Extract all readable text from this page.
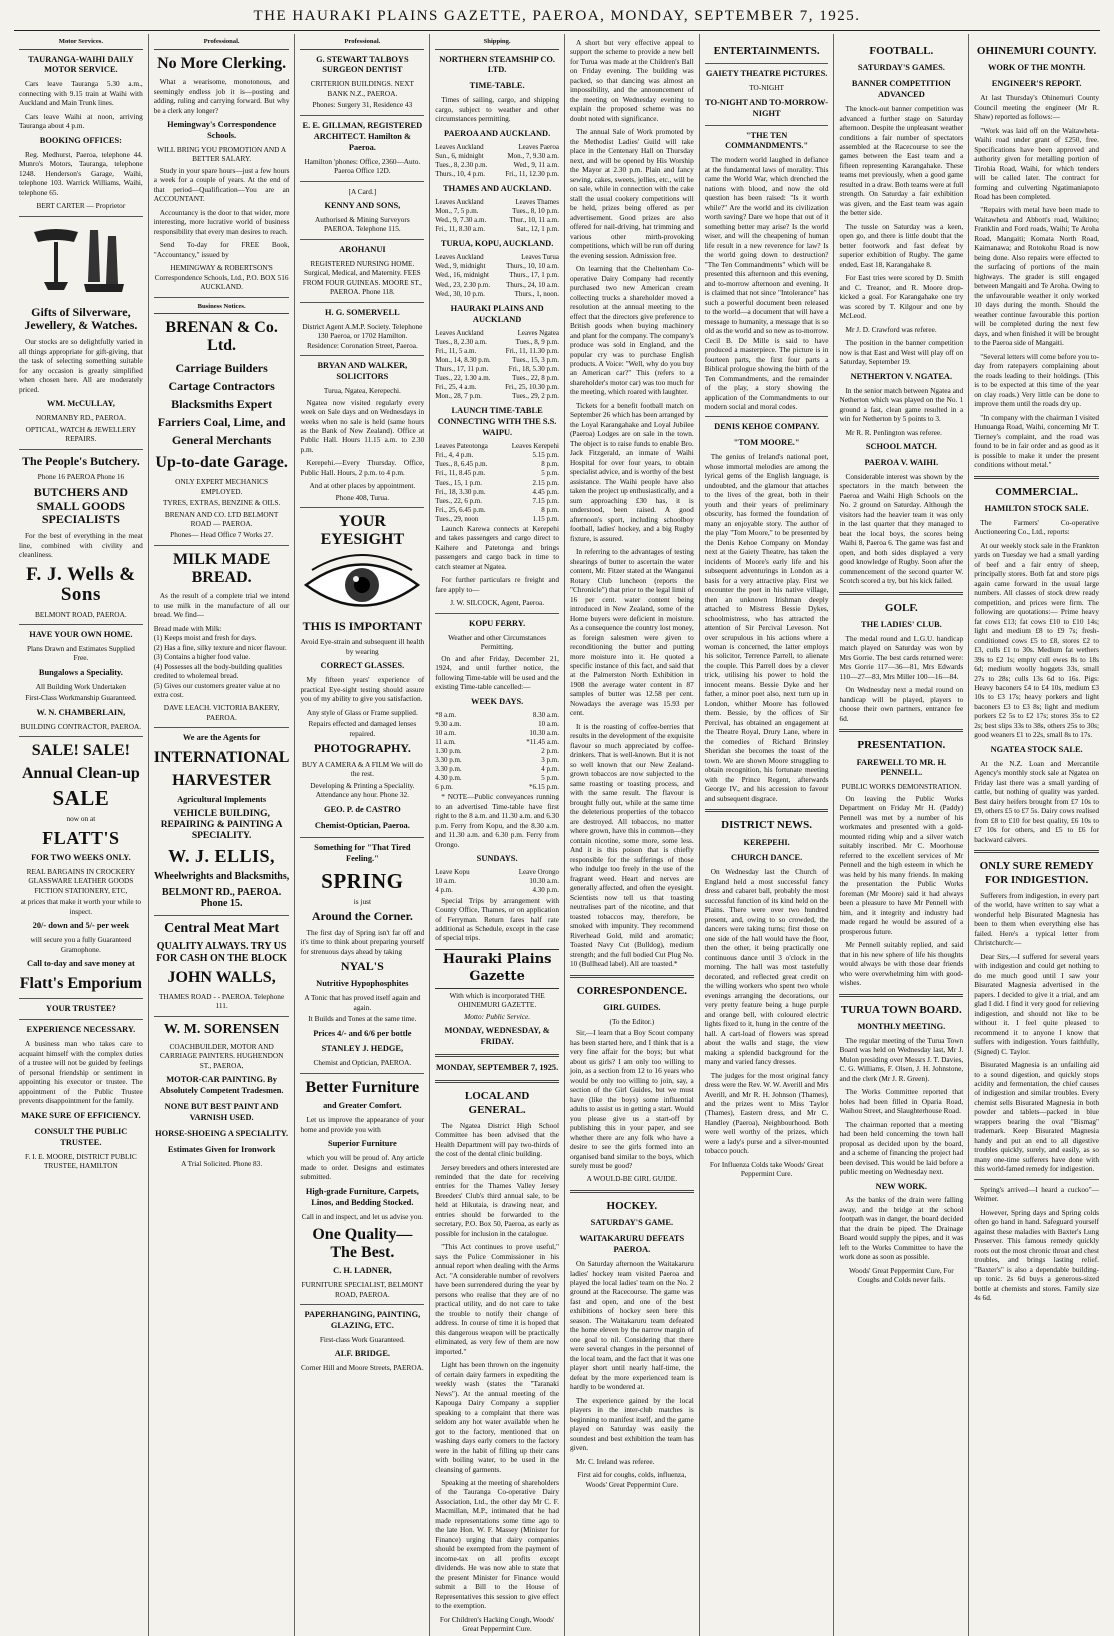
THE HAURAKI PLAINS GAZETTE, PAEROA, MONDAY, SEPTEMBER 7, 1925.
Motor Services.
TAURANGA-WAIHI DAILY MOTOR SERVICE.

Cars leave Tauranga 5.30 a.m., connecting with 9.15 train at Waihi with Auckland and Main Trunk lines.

Cars leave Waihi at noon, arriving Tauranga about 4 p.m.

BOOKING OFFICES:

Reg. Medhurst, Paeroa, telephone 44. Munro's Motors, Tauranga, telephone 1248. Henderson's Garage, Waihi, telephone 103. Warrick Williams, Waihi, telephone 65.

BERT CARTER — Proprietor
Gifts of Silverware, Jewellery, & Watches.

Our stocks are so delightfully varied in all things appropriate for gift-giving, that the task of selecting something suitable for any occasion is greatly simplified when chosen here. All are moderately priced.

WM. McCULLAY,
NORMANBY RD., PAEROA.
OPTICAL, WATCH & JEWELLERY REPAIRS.
The People's Butchery.
Phone 16 PAEROA Phone 16
BUTCHERS AND SMALL GOODS SPECIALISTS

For the best of everything in the meat line, combined with civility and cleanliness.

F. J. Wells & Sons
BELMONT ROAD, PAEROA.
HAVE YOUR OWN HOME.
Plans Drawn and Estimates Supplied Free.
Bungalows a Speciality.
All Building Work Undertaken
First-Class Workmanship Guaranteed.
W. N. CHAMBERLAIN,
BUILDING CONTRACTOR, PAEROA.
SALE! SALE!
Annual Clean-up
SALE
now on at
FLATT'S
FOR TWO WEEKS ONLY.
REAL BARGAINS IN CROCKERY GLASSWARE LEATHER GOODS FICTION STATIONERY, ETC,
at prices that make it worth your while to inspect.
20/- down and 5/- per week
will secure you a fully Guaranteed Gramophone.
Call to-day and save money at
Flatt's Emporium
YOUR TRUSTEE?
EXPERIENCE NECESSARY.

A business man who takes care to acquaint himself with the complex duties of a trustee will not be guided by feelings of personal friendship or sentiment in appointing his executor or trustee. The appointment of the Public Trustee prevents disappointment for the family.

MAKE SURE OF EFFICIENCY.
CONSULT THE PUBLIC TRUSTEE.
F. I. E. MOORE, DISTRICT PUBLIC TRUSTEE, HAMILTON
Professional.
No More Clerking.

What a wearisome, monotonous, and seemingly endless job it is—posting and adding, ruling and carrying forward. But why be a clerk any longer?

Hemingway's Correspondence Schools.
WILL BRING YOU PROMOTION AND A BETTER SALARY.

Study in your spare hours—just a few hours a week for a couple of years. At the end of that period—Qualification—You are an ACCOUNTANT.

Accountancy is the door to that wider, more interesting, more lucrative world of business responsibility that every man desires to reach.

Send To-day for FREE Book, "Accountancy," issued by

HEMINGWAY & ROBERTSON'S Correspondence Schools, Ltd., P.O. BOX 516 AUCKLAND.
Business Notices.
BRENAN & Co. Ltd.
Carriage Builders Cartage Contractors Blacksmiths Expert Farriers Coal, Lime, and General Merchants
Up-to-date Garage.
ONLY EXPERT MECHANICS EMPLOYED.
TYRES, EXTRAS, BENZINE & OILS.
BRENAN AND CO. LTD BELMONT ROAD — PAEROA.
Phones— Head Office 7 Works 27.
MILK MADE BREAD.

As the result of a complete trial we intend to use milk in the manufacture of all our bread. We find—

Bread made with Milk:
(1) Keeps moist and fresh for days.
(2) Has a fine, silky texture and nicer flavour.
(3) Contains a higher food value.
(4) Possesses all the body-building qualities credited to wholemeal bread.
(5) Gives our customers greater value at no extra cost.
DAVE LEACH. VICTORIA BAKERY, PAEROA.
We are the Agents for
INTERNATIONAL
HARVESTER
Agricultural Implements
VEHICLE BUILDING, REPAIRING & PAINTING A SPECIALITY.
W. J. ELLIS,
Wheelwrights and Blacksmiths,
BELMONT RD., PAEROA. Phone 15.
Central Meat Mart
QUALITY ALWAYS. TRY US FOR CASH ON THE BLOCK
JOHN WALLS,
THAMES ROAD - - PAEROA. Telephone 111.
W. M. SORENSEN
COACHBUILDER, MOTOR AND CARRIAGE PAINTERS. HUGHENDON ST., PAEROA,
MOTOR-CAR PAINTING. By Absolutely Competent Tradesmen.
NONE BUT BEST PAINT AND VARNISH USED.
HORSE-SHOEING A SPECIALITY.
Estimates Given for Ironwork
A Trial Solicited. Phone 83.
Professional.
G. STEWART TALBOYS SURGEON DENTIST
CRITERION BUILDINGS. NEXT BANK N.Z., PAEROA.
Phones: Surgery 31, Residence 43
E. E. GILLMAN, REGISTERED ARCHITECT. Hamilton & Paeroa.
Hamilton 'phones: Office, 2360—Auto. Paeroa Office 12D.
[A Card.]
KENNY AND SONS,
Authorised & Mining Surveyors PAEROA. Telephone 115.
AROHANUI
REGISTERED NURSING HOME. Surgical, Medical, and Maternity. FEES FROM FOUR GUINEAS. MOORE ST., PAEROA. Phone 118.
H. G. SOMERVELL
District Agent A.M.P. Society. Telephone 130 Paeroa, or 1702 Hamilton. Residence: Coronation Street, Paeroa.
BRYAN AND WALKER, SOLICITORS
Turua, Ngatea, Kerepechi.

Ngatea now visited regularly every week on Sale days and on Wednesdays in weeks when no sale is held (same hours as the Bank of New Zealand). Office at Public Hall. Hours 11.15 a.m. to 2.30 p.m.

Kerepehi.—Every Thursday. Office, Public Hall. Hours, 2 p.m. to 4 p.m.

And at other places by appointment.
Phone 408, Turua.
YOUR EYESIGHT
THIS IS IMPORTANT
Avoid Eye-strain and subsequent ill health by wearing
CORRECT GLASSES.

My fifteen years' experience of practical Eye-sight testing should assure you of my ability to give you satisfaction.

Any style of Glass or Frame supplied.
Repairs effected and damaged lenses repaired.
PHOTOGRAPHY.
BUY A CAMERA & A FILM We will do the rest.
Developing & Printing a Speciality. Attendance any hour. Phone 32.
GEO. P. de CASTRO
Chemist-Optician, Paeroa.
Something for "That Tired Feeling."
SPRING
is just
Around the Corner.

The first day of Spring isn't far off and it's time to think about preparing yourself for strenuous days ahead by taking

NYAL'S
Nutritive Hypophosphites
A Tonic that has proved itself again and again.
It Builds and Tones at the same time.
Prices 4/- and 6/6 per bottle
STANLEY J. HEDGE,
Chemist and Optician, PAEROA.
Better Furniture
and Greater Comfort.

Let us improve the appearance of your home and provide you with

Superior Furniture

which you will be proud of. Any article made to order. Designs and estimates submitted.

High-grade Furniture, Carpets, Linos, and Bedding Stocked.
Call in and inspect, and let us advise you.
One Quality—The Best.
C. H. LADNER,
FURNITURE SPECIALIST, BELMONT ROAD, PAEROA.
PAPERHANGING, PAINTING, GLAZING, ETC.
First-class Work Guaranteed.
ALF. BRIDGE.
Corner Hill and Moore Streets, PAEROA.
Shipping.
NORTHERN STEAMSHIP CO. LTD.
TIME-TABLE.

Times of sailing, cargo, and shipping cargo, subject to weather and other circumstances permitting.

PAEROA AND AUCKLAND.
Leaves Auckland	Leaves Paeroa
Sun., 6, midnight	Mon., 7, 9.30 a.m.
Tues., 8, 2.30 p.m.	Wed., 9, 11 a.m.
Thurs., 10, 4 p.m.	Fri., 11, 12.30 p.m.
THAMES AND AUCKLAND.
Leaves Auckland	Leaves Thames
Mon., 7, 5 p.m.	Tues., 8, 10 p.m.
Wed., 9, 7.30 a.m.	Thur., 10, 11 a.m.
Fri., 11, 8.30 a.m.	Sat., 12, 1 p.m.
TURUA, KOPU, AUCKLAND.
Leaves Auckland	Leaves Turua
Wed., 9, midnight	Thurs., 10, 10 a.m.
Wed., 16, midnight	Thurs., 17, 1 p.m.
Wed., 23, 2.30 p.m.	Thurs., 24, 10 a.m.
Wed., 30, 10 p.m.	Thurs., 1, noon.
HAURAKI PLAINS AND AUCKLAND
Leaves Auckland	Leaves Ngatea
Tues., 8, 2.30 a.m.	Tues., 8, 9 p.m.
Fri., 11, 5 a.m.	Fri., 11, 11.30 p.m.
Mon., 14, 8.30 p.m.	Tues., 15, 3 p.m.
Thurs., 17, 11 p.m.	Fri., 18, 5.30 p.m.
Tues., 22, 1.30 a.m.	Tues., 22, 8 p.m.
Fri., 25, 4 a.m.	Fri., 25, 10.30 p.m.
Mon., 28, 7 p.m.	Tues., 29, 2 p.m.
LAUNCH TIME-TABLE CONNECTING WITH THE S.S. WAIPU.
Leaves Pateotonga	Leaves Kerepehi
Fri., 4, 4 p.m.	5.15 p.m.
Tues., 8, 6.45 p.m.	8 p.m.
Fri., 11, 8.45 p.m.	5 p.m.
Tues., 15, 1 p.m.	2.15 p.m.
Fri., 18, 3.30 p.m.	4.45 p.m.
Tues., 22, 6 p.m.	7.15 p.m.
Fri., 25, 6.45 p.m.	8 p.m.
Tues., 29, noon	1.15 p.m.

Launch Karewa connects at Kerepehi and takes passengers and cargo direct to Kaihere and Patetonga and brings passengers and cargo back in time to catch steamer at Ngatea.

For further particulars re freight and fare apply to—

J. W. SILCOCK, Agent, Paeroa.
KOPU FERRY.
Weather and other Circumstances Permitting.

On and after Friday, December 21, 1924, and until further notice, the following Time-table will be used and the existing Time-table cancelled:—

WEEK DAYS.
*8 a.m.	8.30 a.m.
9.30 a.m.	10 a.m.
10 a.m.	10.30 a.m.
11 a.m.	*11.45 a.m.
1.30 p.m.	2 p.m.
3.30 p.m.	3 p.m.
3.30 p.m.	4 p.m.
4.30 p.m.	5 p.m.
6 p.m.	*6.15 p.m.

* NOTE—Public conveyances running to an advertised Time-table have first right to the 8 a.m. and 11.30 a.m. and 6.30 p.m. Ferry from Kopu, and the 8.30 a.m. and 11.30 a.m. and 6.30 p.m. Ferry from Orongo.

SUNDAYS.
Leave Kopu	Leave Orongo
10 a.m.	10.30 a.m.
4 p.m.	4.30 p.m.

Special Trips by arrangement with County Office, Thames, or on application of Ferryman. Return fares half rate additional as Schedule, except in the case of special trips.

Hauraki Plains Gazette
With which is incorporated THE OHINEMURI GAZETTE.
Motto: Public Service.
MONDAY, WEDNESDAY, & FRIDAY.
MONDAY, SEPTEMBER 7, 1925.
LOCAL AND GENERAL.

The Ngatea District High School Committee has been advised that the Health Department will pay two-thirds of the cost of the dental clinic building.

Jersey breeders and others interested are reminded that the date for receiving entries for the Thames Valley Jersey Breeders' Club's third annual sale, to be held at Hikutaia, is drawing near, and entries should be forwarded to the secretary, P.O. Box 50, Paeroa, as early as possible for inclusion in the catalogue.

"This Act continues to prove useful," says the Police Commissioner in his annual report when dealing with the Arms Act. "A considerable number of revolvers have been surrendered during the year by persons who realise that they are of no practical utility, and do not care to take the trouble to notify their change of address. In course of time it is hoped that this dangerous weapon will be practically eliminated, as very few of them are now imported."

Light has been thrown on the ingenuity of certain dairy farmers in expediting the weekly wash (states the "Taranaki News"). At the annual meeting of the Kapouga Dairy Company a supplier speaking to a complaint that there was seldom any hot water available when he got to the factory, mentioned that on washing days early comers to the factory were in the habit of filling up their cans with boiling water, to be used in the cleansing of garments.

Speaking at the meeting of shareholders of the Tauranga Co-operative Dairy Association, Ltd., the other day Mr C. F. Macmillan, M.P., intimated that he had made representations some time ago to the late Hon. W. F. Massey (Minister for Finance) urging that dairy companies should be exempted from the payment of income-tax on all profits except dividends. He was now able to state that the present Minister for Finance would submit a Bill to the House of Representatives this session to give effect to the exemption.

For Children's Hacking Cough, Woods' Great Peppermint Cure.

A short but very effective appeal to support the scheme to provide a new bell for Turua was made at the Children's Ball on Friday evening. The building was packed, so that dancing was almost an impossibility, and the announcement of the meeting on Wednesday evening to explain the proposed scheme was no doubt noted with significance.

The annual Sale of Work promoted by the Methodist Ladies' Guild will take place in the Centenary Hall on Thursday next, and will be opened by His Worship the Mayor at 2.30 p.m. Plain and fancy sewing, cakes, sweets, jellies, etc., will be on sale, while in connection with the cake stall the usual cookery competitions will be held, prizes being offered as per advertisement. Good prizes are also offered for nail-driving, hat trimming and various other mirth-provoking competitions, which will be run off during the evening session. Admission free.

On learning that the Cheltenham Co-operative Dairy Company had recently purchased two new American cream collecting trucks a shareholder moved a resolution at the annual meeting to the effect that the directors give preference to British goods when buying machinery and plant for the company. The company's produce was sold in England, and the popular cry was to purchase English products. A Voice: "Well, why do you buy an American car?" This (refers to a shareholder's motor car) was too much for the meeting, which roared with laughter.

Tickets for a benefit football match on September 26 which has been arranged by the Loyal Karangahake and Loyal Jubilee (Paeroa) Lodges are on sale in the town. The object is to raise funds to enable Bro. Jack Fitzgerald, an inmate of Waihi Hospital for over four years, to obtain specialist advice, and is worthy of the best assistance. The Waihi people have also taken the project up enthusiastically, and a sum approaching £30 has, it is understood, been raised. A good afternoon's sport, including schoolboy football, ladies' hockey, and a big Rugby fixture, is assured.

In referring to the advantages of testing shearings of butter to ascertain the water content, Mr. Fitzer stated at the Wanganui Rotary Club luncheon (reports the "Chronicle") that prior to the legal limit of 16 per cent. water content being introduced in New Zealand, some of the Home buyers were deficient in moisture. As a consequence the country lost money, as foreign salesmen were given to reconditioning the butter and putting more moisture into it. He quoted a specific instance of this fact, and said that at the Palmerston North Exhibition in 1908 the average water content in 87 samples of butter was 12.58 per cent. Nowadays the average was 15.93 per cent.

It is the roasting of coffee-berries that results in the development of the exquisite flavour so much appreciated by coffee-drinkers. That is well-known. But it is not so well known that our New Zealand-grown tobaccos are now subjected to the same roasting or toasting process, and with the same result. The flavour is brought fully out, while at the same time the deleterious properties of the tobacco are destroyed. All tobaccos, no matter where grown, have this in common—they contain nicotine, some more, some less. And it is this poison that is chiefly responsible for the sufferings of those who indulge too freely in the use of the fragrant weed. Heart and nerves are generally affected, and often the eyesight. Scientists now tell us that toasting neutralises part of the nicotine, and that toasted tobaccos may, therefore, be smoked with impunity. They recommend Riverhead Gold, mild and aromatic; Toasted Navy Cut (Bulldog), medium strength; and the full bodied Cut Plug No. 10 (Bullhead label). All are toasted.*

CORRESPONDENCE.
GIRL GUIDES.
(To the Editor.)

Sir,—I learn that a Boy Scout company has been started here, and I think that is a very fine affair for the boys; but what about us girls? I am only too willing to join, as a section from 12 to 16 years who would be only too willing to join, say, a section of the Girl Guides, but we must have (like the boys) some influential adults to assist us in getting a start. Would you please give us a start-off by publishing this in your paper, and see whether there are any folk who have a desire to see the girls formed into an organised band similar to the boys, which surely must be good?

A WOULD-BE GIRL GUIDE.
HOCKEY.
SATURDAY'S GAME.
WAITAKARURU DEFEATS PAEROA.

On Saturday afternoon the Waitakaruru ladies' hockey team visited Paeroa and played the local ladies' team on the No. 2 ground at the Racecourse. The game was fast and open, and one of the best exhibitions of hockey seen here this season. The Waitakaruru team defeated the home eleven by the narrow margin of one goal to nil. Considering that there were several changes in the personnel of the local team, and the fact that it was one player short until nearly half-time, the defeat by the more experienced team is hardly to be wondered at.

The experience gained by the local players in the inter-club matches is beginning to manifest itself, and the game played on Saturday was easily the soundest and best exhibition the team has given.

Mr. C. Ireland was referee.

First aid for coughs, colds, influenza, Woods' Great Peppermint Cure.
ENTERTAINMENTS.
GAIETY THEATRE PICTURES.
TO-NIGHT
TO-NIGHT AND TO-MORROW-NIGHT
"THE TEN COMMANDMENTS."

The modern world laughed in defiance at the fundamental laws of morality. This came the World War, which drenched the nations with blood, and now the old question has been raised: "Is it worth while?" Are the world and its civilization worth saving? Dare we hope that out of it something better may arise? Is the world wiser, and will the cheapening of human life result in a new reverence for law? Is the world going down to destruction? "The Ten Commandments" which will be presented this afternoon and this evening, and to-morrow afternoon and evening. It is claimed that not since "Intolerance" has such a powerful document been released to the world—a document that will have a message to humanity, a message that is so old as the world and so new as to-morrow. Cecil B. De Mille is said to have produced a masterpiece. The picture is in fourteen parts, the first four parts a Biblical prologue showing the birth of the Ten Commandments, and the remainder of the play, a story showing the application of the Commandments to our modern social and moral codes.

DENIS KEHOE COMPANY.
"TOM MOORE."

The genius of Ireland's national poet, whose immortal melodies are among the lyrical gems of the English language, is undoubted, and the glamour that attaches to the lives of the great, both in their youth and their years of preliminary obscurity, has formed the foundation of many an enjoyable story. The author of the play "Tom Moore," to be presented by the Denis Kehoe Company on Monday next at the Gaiety Theatre, has taken the incidents of Moore's early life and his subsequent adventurings in London as a basis for a very attractive play. First we encounter the poet in his native village, then an unknown Irishman deeply attached to Mistress Bessie Dykes, schoolmistress, who has attracted the attention of Sir Percival Leveson. Not over scrupulous in his actions where a woman is concerned, the latter employs his solicitor, Terrence Parrell, to alienate the couple. This Parrell does by a clever trick, utilising his power to hold the innocent means. Bessie Dyke and her father, a minor poet also, next turn up in London, whither Moore has followed them. Bessie, by the offices of Sir Percival, has obtained an engagement at the Theatre Royal, Drury Lane, where in the comedies of Richard Brinsley Sheridan she becomes the toast of the town. We are shown Moore struggling to obtain recognition, his fortunate meeting with the Prince Regent, afterwards George IV., and his accession to favour and subsequent disgrace.

DISTRICT NEWS.
KEREPEHI.
CHURCH DANCE.

On Wednesday last the Church of England held a most successful fancy dress and cabaret ball, probably the most successful function of its kind held on the Plains. There were over two hundred present, and, owing to so crowded, the dancers were taking turns; first those on one side of the hall would have the floor, then the other, it being practically one continuous dance until 3 o'clock in the morning. The hall was most tastefully decorated, and reflected great credit on the willing workers who spent two whole evenings arranging the decorations, our very pretty feature being a huge purple and orange bell, with coloured electric lights fixed to it, hung in the centre of the hall. A cart-load of flowers was spread about the walls and stage, the view making a splendid background for the many and varied fancy dresses.

The judges for the most original fancy dress were the Rev. W. W. Averill and Mrs Averill, and Mr R. H. Johnson (Thames), and the prizes went to Miss Taylor (Thames), Eastern dress, and Mr C. Handley (Paeroa), Neighbourhood. Both were well worthy of the prizes, which were a lady's purse and a silver-mounted tobacco pouch.

For Influenza Colds take Woods' Great Peppermint Cure.
FOOTBALL.
SATURDAY'S GAMES.
BANNER COMPETITION ADVANCED

The knock-out banner competition was advanced a further stage on Saturday afternoon. Despite the unpleasant weather conditions a fair number of spectators assembled at the Racecourse to see the games between the East team and a fifteen representing Karangahake. These teams met previously, when a good game resulted in a draw. Both teams were at full strength. On Saturday a fair exhibition was given, and the East team was again the better side.

The tussle on Saturday was a keen, open go, and there is little doubt that the better footwork and fast defeat by superior exhibition of Rugby. The game ended, East 18, Karangahake 8.

For East tries were scored by D. Smith and C. Treanor, and R. Moore drop-kicked a goal. For Karangahake one try was scored by T. Kilgour and one by McLeod.

Mr J. D. Crawford was referee.

The position in the banner competition now is that East and West will play off on Saturday, September 19.

NETHERTON V. NGATEA.

In the senior match between Ngatea and Netherton which was played on the No. 1 ground a fast, clean game resulted in a win for Netherton by 5 points to 3.

Mr R. R. Penlington was referee.

SCHOOL MATCH.
PAEROA V. WAIHI.

Considerable interest was shown by the spectators in the match between the Paeroa and Waihi High Schools on the No. 2 ground on Saturday. Although the visitors had the heavier team it was only in the last quarter that they managed to beat the local boys, the scores being Waihi 8, Paeroa 6. The game was fast and open, and both sides displayed a very good knowledge of Rugby. Soon after the commencement of the second quarter W. Scotch scored a try, but his kick failed.

GOLF.
THE LADIES' CLUB.

The medal round and L.G.U. handicap match played on Saturday was won by Mrs Gorrie. The best cards returned were: Mrs Gorrie 117—36—81, Mrs Edwards 110—27—83, Mrs Miller 100—16—84.

On Wednesday next a medal round on handicap will be played, players to choose their own partners, entrance fee 6d.

PRESENTATION.
FAREWELL TO MR. H. PENNELL.
PUBLIC WORKS DEMONSTRATION.

On leaving the Public Works Department on Friday Mr H. (Paddy) Pennell was met by a number of his workmates and presented with a gold-mounted riding whip and a silver watch suitably inscribed. Mr C. Moorhouse referred to the excellent services of Mr Pennell and the high esteem in which he was held by his many friends. In making the presentation the Public Works foreman (Mr Moore) said it had always been a pleasure to have Mr Pennell with him, and it integrity and industry had made regard he would be assured of a prosperous future.

Mr Pennell suitably replied, and said that in his new sphere of life his thoughts would always be with those dear friends who were overwhelming him with good-wishes.

TURUA TOWN BOARD.
MONTHLY MEETING.

The regular meeting of the Turua Town Board was held on Wednesday last, Mr J. Mulon presiding over Messrs J. T. Davies, C. G. Williams, F. Olsen, J. H. Johnstone, and the clerk (Mr J. R. Green).

The Works Committee reported that holes had been filled in Oparia Road, Waihou Street, and Slaughterhouse Road.

The chairman reported that a meeting had been held concerning the town hall proposal as decided upon by the board, and a scheme of financing the project had been devised. This would be laid before a public meeting on Wednesday next.

NEW WORK.

As the banks of the drain were falling away, and the bridge at the school footpath was in danger, the board decided that the drain be piped. The Drainage Board would supply the pipes, and it was left to the Works Committee to have the work done as soon as possible.

Woods' Great Peppermint Cure, For Coughs and Colds never fails.
OHINEMURI COUNTY.
WORK OF THE MONTH.
ENGINEER'S REPORT.

At last Thursday's Ohinemuri County Council meeting the engineer (Mr R. Shaw) reported as follows:—

"Work was laid off on the Waitawheta-Waihi road under grant of £250, free. Specifications have been approved and authority given for metalling portion of Tirohia Road, Waihi, for which tenders will be called later. The contract for forming and culverting Ngatimaniapoto Road has been completed.

"Repairs with metal have been made to Waitawheta and Abbott's road, Waikino; Franklin and Ford roads, Waihi; Te Aroha Road, Mangaiti; Komata North Road, Kaimanawa; and Rotokohu Road is now being done. Also repairs were effected to the surfacing of portions of the main highways. The grader is still engaged between Mangaiti and Te Aroha. Owing to the unfavourable weather it only worked 10 days during the month. Should the weather continue favourable this portion will be completed during the next few days, and when finished it will be brought to the Paeroa side of Mangaiti.

"Several letters will come before you to-day from ratepayers complaining about the roads leading to their holdings. (This is to be expected at this time of the year on clay roads.) Very little can be done to improve them until the roads dry up.

"In company with the chairman I visited Hunuanga Road, Waihi, concerning Mr T. Tierney's complaint, and the road was found to be in fair order and as good as it is possible to make it under the present conditions without metal."

COMMERCIAL.
HAMILTON STOCK SALE.

The Farmers' Co-operative Auctioneering Co., Ltd., reports:

At our weekly stock sale in the Frankton yards on Tuesday we had a small yarding of beef and a fair entry of sheep, principally stores. Both fat and store pigs again came forward in the usual large numbers. All classes of stock drew ready competition, and prices were firm. The following are quotations:— Prime heavy fat cows £13; fat cows £10 to £10 14s; light and medium £8 to £9 7s; fresh-conditioned cows £5 to £8, stores £2 to £3, culls £1 to 30s. Medium fat wethers 39s to £2 1s; empty cull ewes 8s to 18s 6d; medium woolly hoggets 33s, small 27s to 28s; culls 13s 6d to 16s. Pigs: Heavy baconers £4 to £4 10s, medium £3 10s to £3 17s; heavy porkers and light baconers £3 to £3 8s; light and medium porkers £2 5s to £2 17s; stores 35s to £2 2s; best slips 33s to 38s, others 25s to 30s; good weaners £1 to 22s, small 8s to 17s.

NGATEA STOCK SALE.

At the N.Z. Loan and Mercantile Agency's monthly stock sale at Ngatea on Friday last there was a small yarding of cattle, but nothing of quality was yarded. Best dairy heifers brought from £7 10s to £9, others £5 to £7 5s. Dairy cows realised from £8 to £10 for best quality, £6 10s to £7 10s for others, and £5 to £6 for backward calvers.

ONLY SURE REMEDY FOR INDIGESTION.

Sufferers from indigestion, in every part of the world, have written to say what a wonderful help Bisurated Magnesia has been to them when everything else has failed. Here's a typical letter from Christchurch:—

Dear Sirs,—I suffered for several years with indigestion and could get nothing to do me much good until I saw your Bisurated Magnesia advertised in the papers. I decided to give it a trial, and am glad I did. I find it very good for relieving indigestion, and should not like to be without it. I feel quite pleased to recommend it to anyone I know that suffers with indigestion. Yours faithfully, (Signed) C. Taylor.

Bisurated Magnesia is an unfailing aid to a sound digestion, and quickly stops acidity and fermentation, the chief causes of indigestion and similar troubles. Every chemist sells Bisurated Magnesia in both powder and tablets—packed in blue wrappers bearing the oval "Bismag" trademark. Keep Bisurated Magnesia handy and put an end to all digestive troubles quickly, surely, and easily, as so many one-time sufferers have done with this world-famed remedy for indigestion.

Spring's arrived—I heard a cuckoo"—Weimer.

However, Spring days and Spring colds often go hand in hand. Safeguard yourself against these maladies with Baxter's Lung Preserver. This famous remedy quickly roots out the most chronic throat and chest troubles, and brings lasting relief. "Baxter's" is also a dependable building-up tonic. 2s 6d buys a generous-sized bottle at chemists and stores. Family size 4s 6d.
